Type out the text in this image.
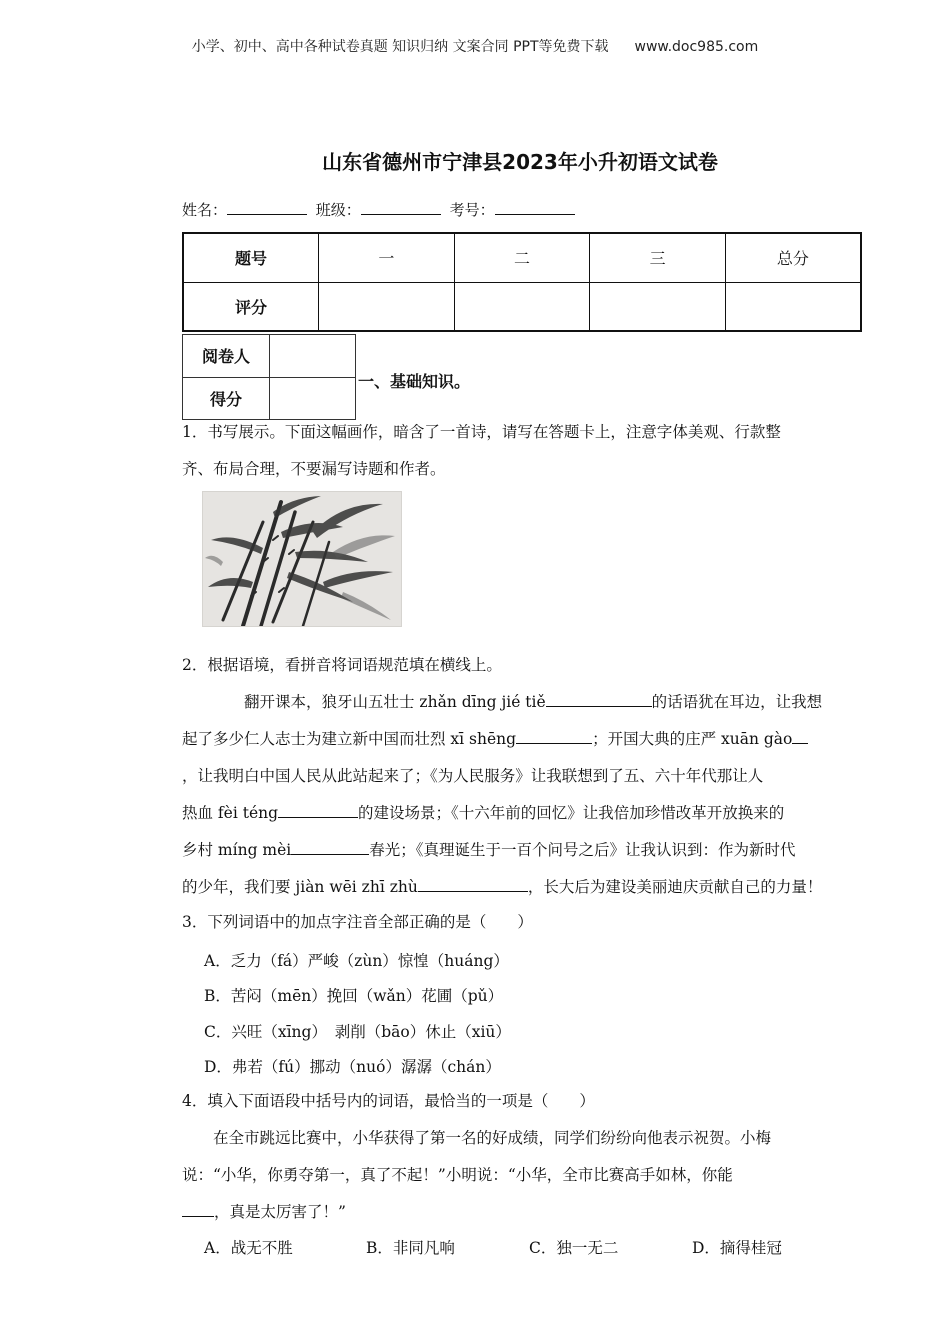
小学、初中、高中各种试卷真题 知识归纳 文案合同 PPT等免费下载 www.doc985.com
山东省德州市宁津县2023年小升初语文试卷
姓名：	班级：	考号：
题号	一	二	三	总分
评分				
阅卷人	
得分	
一、基础知识。
1．书写展示。下面这幅画作，暗含了一首诗，请写在答题卡上，注意字体美观、行款整
齐、布局合理，不要漏写诗题和作者。
2．根据语境，看拼音将词语规范填在横线上。
翻开课本，狼牙山五壮士 zhǎn dīng jié tiě	的话语犹在耳边，让我想
起了多少仁人志士为建立新中国而壮烈 xī shēng	；开国大典的庄严 xuān gào
，让我明白中国人民从此站起来了；《为人民服务》让我联想到了五、六十年代那让人
热血 fèi téng	的建设场景；《十六年前的回忆》让我倍加珍惜改革开放换来的
乡村 míng mèi	春光；《真理诞生于一百个问号之后》让我认识到：作为新时代
的少年，我们要 jiàn wēi zhī zhù	，长大后为建设美丽迪庆贡献自己的力量！
3．下列词语中的加点字注音全部正确的是（　　）
A．乏力（fá）严峻（zùn）惊惶（huáng）
B．苦闷（mēn）挽回（wǎn）花圃（pǔ）
C．兴旺（xīng）　剥削（bāo）休止（xiū）
D．弗若（fú）挪动（nuó）潺潺（chán）
4．填入下面语段中括号内的词语，最恰当的一项是（　　）
在全市跳远比赛中，小华获得了第一名的好成绩，同学们纷纷向他表示祝贺。小梅
说：“小华，你勇夺第一，真了不起！”小明说：“小华，全市比赛高手如林，你能
，真是太厉害了！”
A．战无不胜	B．非同凡响	C．独一无二	D．摘得桂冠
